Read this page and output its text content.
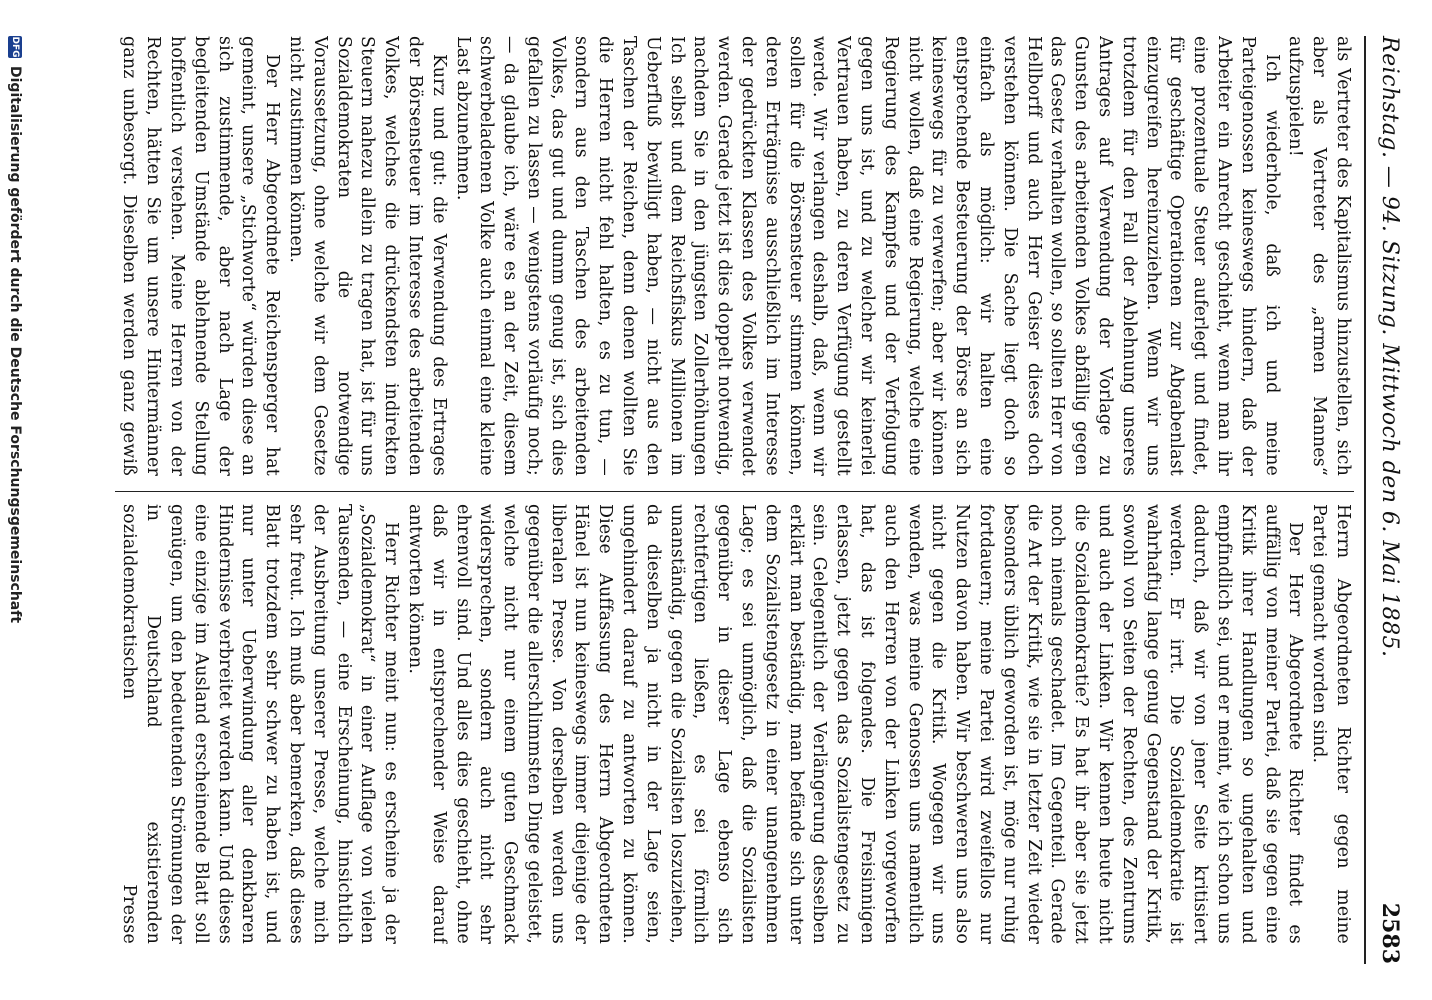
Reichstag. — 94. Sitzung. Mittwoch den 6. Mai 1885.
2583

als Vertreter des Kapitalismus hinzustellen, sich aber als Vertreter des „armen Mannes“ aufzuspielen!

Ich wiederhole, daß ich und meine Parteigenossen keineswegs hindern, daß der Arbeiter ein Anrecht geschieht, wenn man ihr eine prozentuale Steuer auferlegt und findet, für geschäftige Operationen zur Abgabenlast einzugreifen hereinzuziehen. Wenn wir uns trotzdem für den Fall der Ablehnung unseres Antrages auf Verwendung der Vorlage zu Gunsten des arbeitenden Volkes abfällig gegen das Gesetz verhalten wollen, so sollten Herr von Hellborff und auch Herr Geiser dieses doch verstehen können. Die Sache liegt doch so einfach als möglich: wir halten eine entsprechende Besteuerung der Börse an sich keineswegs für zu verwerfen; aber wir können nicht wollen, daß eine Regierung, welche eine Regierung des Kampfes und der Verfolgung gegen uns ist, und zu welcher wir keinerlei Vertrauen haben, zu deren Verfügung gestellt werde. Wir verlangen deshalb, daß, wenn wir sollen für die Börsensteuer stimmen können, deren Erträgnisse ausschließlich im Interesse der gedrückten Klassen des Volkes verwendet werden. Gerade jetzt ist dies doppelt notwendig, nachdem Sie in den jüngsten Zollerhöhungen Ich selbst und dem Reichsfiskus Millionen im Ueberfluß bewilligt haben, — nicht aus den Taschen der Reichen, denn denen wollten Sie die Herren nicht fehl halten, es zu tun, — sondern aus den Taschen des arbeitenden Volkes, das gut und dumm genug ist, sich dies gefallen zu lassen — wenigstens vorläufig noch; — da glaube ich, wäre es an der Zeit, diesem schwerbeladenen Volke auch einmal eine kleine Last abzunehmen.

Kurz und gut: die Verwendung des Ertrages der Börsensteuer im Interesse des arbeitenden Volkes, welches die drückendsten indirekten Steuern nahezu allein zu tragen hat, ist für uns Sozialdemokraten die notwendige Voraussetzung, ohne welche wir dem Gesetze nicht zustimmen können.

Der Herr Abgeordnete Reichensperger hat gemeint, unsere „Stichworte“ würden diese an sich zustimmende, aber nach Lage der begleitenden Umstände ablehnende Stellung hoffentlich verstehen. Meine Herren von der Rechten, hätten Sie um unsere Hintermänner ganz unbesorgt. Dieselben werden ganz gewiß

Herrn Abgeordneten Richter gegen meine Partei gemacht worden sind.

Der Herr Abgeordnete Richter findet es auffällig von meiner Partei, daß sie gegen eine Kritik ihrer Handlungen so ungehalten und empfindlich sei, und er meint, wie ich schon uns dadurch, daß wir von jener Seite kritisiert werden. Er irrt. Die Sozialdemokratie ist wahrhaftig lange genug Gegenstand der Kritik, sowohl von Seiten der Rechten, des Zentrums und auch der Linken. Wir kennen heute nicht die Sozialdemokratie? Es hat ihr aber sie jetzt noch niemals geschadet. Im Gegenteil. Gerade die Art der Kritik, wie sie in letzter Zeit wieder besonders üblich geworden ist, möge nur ruhig fortdauern; meine Partei wird zweifellos nur Nutzen davon haben. Wir beschweren uns also nicht gegen die Kritik. Wogegen wir uns wenden, was meine Genossen uns namentlich auch den Herren von der Linken vorgeworfen hat, das ist folgendes. Die Freisinnigen erlassen, jetzt gegen das Sozialistengesetz zu sein. Gelegentlich der Verlängerung desselben erklärt man beständig, man befände sich unter dem Sozialistengesetz in einer unangenehmen Lage; es sei unmöglich, daß die Sozialisten gegenüber in dieser Lage ebenso sich rechtfertigen ließen, es sei förmlich unanständig, gegen die Sozialisten loszuziehen, da dieselben ja nicht in der Lage seien, ungehindert darauf zu antworten zu können. Diese Auffassung des Herrn Abgeordneten Hänel ist nun keineswegs immer diejenige der liberalen Presse. Von derselben werden uns gegenüber die allerschlimmsten Dinge geleistet, welche nicht nur einem guten Geschmack widersprechen, sondern auch nicht sehr ehrenvoll sind. Und alles dies geschieht, ohne daß wir in entsprechender Weise darauf antworten können.

Herr Richter meint nun: es erscheine ja der „Sozialdemokrat“ in einer Auflage von vielen Tausenden, — eine Erscheinung, hinsichtlich der Ausbreitung unserer Presse, welche mich sehr freut. Ich muß aber bemerken, daß dieses Blatt trotzdem sehr schwer zu haben ist, und nur unter Ueberwindung aller denkbaren Hindernisse verbreitet werden kann. Und dieses eine einzige im Ausland erscheinende Blatt soll genügen, um den bedeutenden Strömungen der in Deutschland existierenden sozialdemokratischen Presse

DFG
Digitalisierung gefördert durch die Deutsche Forschungsgemeinschaft
